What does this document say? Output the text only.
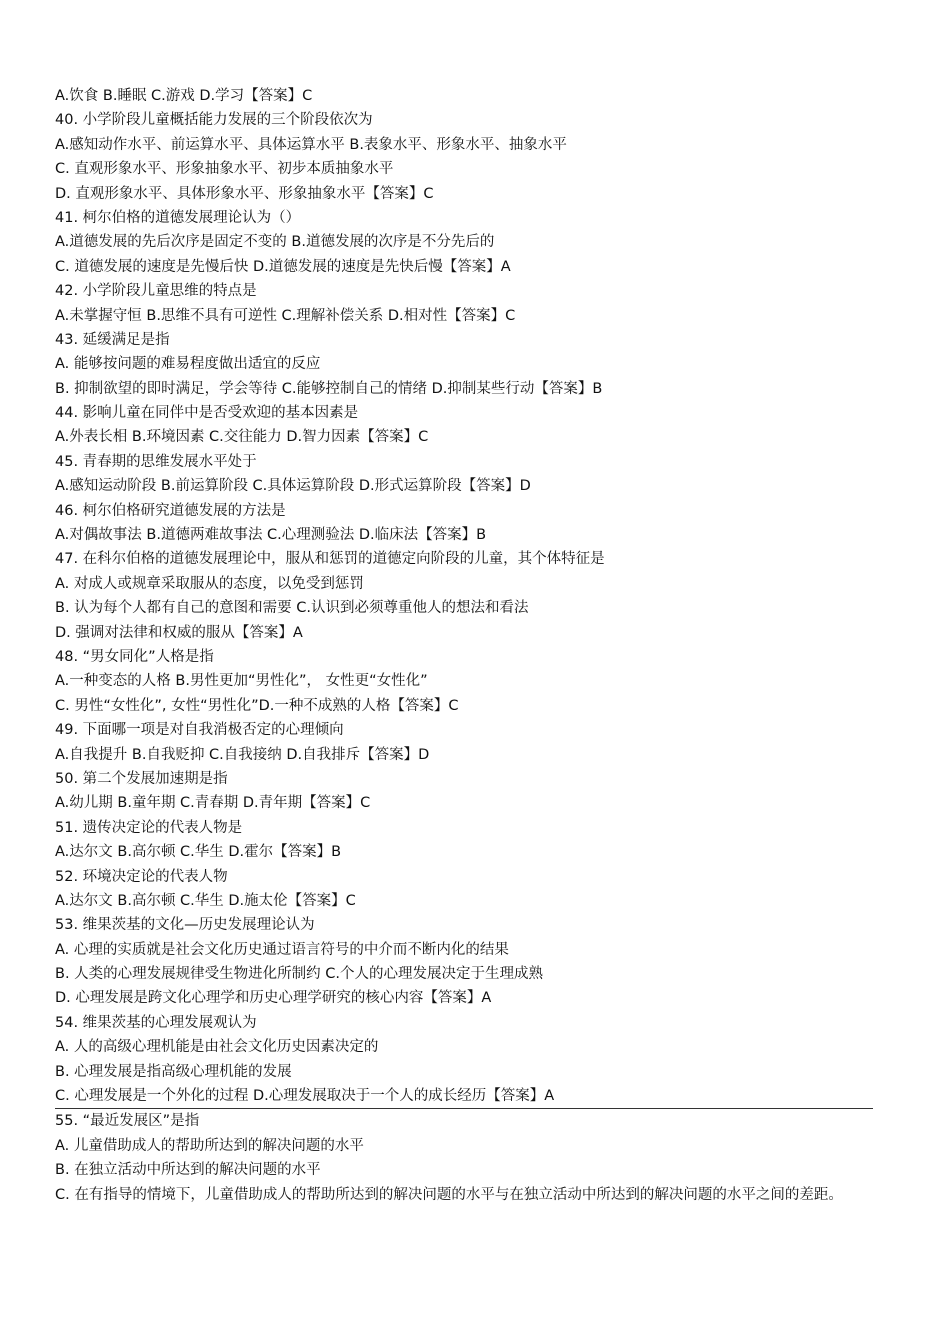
A.饮食 B.睡眠 C.游戏 D.学习【答案】C
40. 小学阶段儿童概括能力发展的三个阶段依次为
A.感知动作水平、前运算水平、具体运算水平 B.表象水平、形象水平、抽象水平
C. 直观形象水平、形象抽象水平、初步本质抽象水平
D. 直观形象水平、具体形象水平、形象抽象水平【答案】C
41. 柯尔伯格的道德发展理论认为（）
A.道德发展的先后次序是固定不变的 B.道德发展的次序是不分先后的
C. 道德发展的速度是先慢后快 D.道德发展的速度是先快后慢【答案】A
42. 小学阶段儿童思维的特点是
A.未掌握守恒 B.思维不具有可逆性 C.理解补偿关系 D.相对性【答案】C
43. 延缓满足是指
A. 能够按问题的难易程度做出适宜的反应
B. 抑制欲望的即时满足，学会等待 C.能够控制自己的情绪 D.抑制某些行动【答案】B
44. 影响儿童在同伴中是否受欢迎的基本因素是
A.外表长相 B.环境因素 C.交往能力 D.智力因素【答案】C
45. 青春期的思维发展水平处于
A.感知运动阶段 B.前运算阶段 C.具体运算阶段 D.形式运算阶段【答案】D
46. 柯尔伯格研究道德发展的方法是
A.对偶故事法 B.道德两难故事法 C.心理测验法 D.临床法【答案】B
47. 在科尔伯格的道德发展理论中，服从和惩罚的道德定向阶段的儿童，其个体特征是
A. 对成人或规章采取服从的态度，以免受到惩罚
B. 认为每个人都有自己的意图和需要 C.认识到必须尊重他人的想法和看法
D. 强调对法律和权威的服从【答案】A
48. “男女同化”人格是指
A.一种变态的人格 B.男性更加“男性化”， 女性更“女性化”
C. 男性“女性化”, 女性“男性化”D.一种不成熟的人格【答案】C
49. 下面哪一项是对自我消极否定的心理倾向
A.自我提升 B.自我贬抑 C.自我接纳 D.自我排斥【答案】D
50. 第二个发展加速期是指
A.幼儿期 B.童年期 C.青春期 D.青年期【答案】C
51. 遗传决定论的代表人物是
A.达尔文 B.高尔顿 C.华生 D.霍尔【答案】B
52. 环境决定论的代表人物
A.达尔文 B.高尔顿 C.华生 D.施太伦【答案】C
53. 维果茨基的文化—历史发展理论认为
A. 心理的实质就是社会文化历史通过语言符号的中介而不断内化的结果
B. 人类的心理发展规律受生物进化所制约 C.个人的心理发展决定于生理成熟
D. 心理发展是跨文化心理学和历史心理学研究的核心内容【答案】A
54. 维果茨基的心理发展观认为
A. 人的高级心理机能是由社会文化历史因素决定的
B. 心理发展是指高级心理机能的发展
C. 心理发展是一个外化的过程 D.心理发展取决于一个人的成长经历【答案】A
55. “最近发展区”是指
A. 儿童借助成人的帮助所达到的解决问题的水平
B. 在独立活动中所达到的解决问题的水平
C. 在有指导的情境下，儿童借助成人的帮助所达到的解决问题的水平与在独立活动中所达到的解决问题的水平之间的差距。
